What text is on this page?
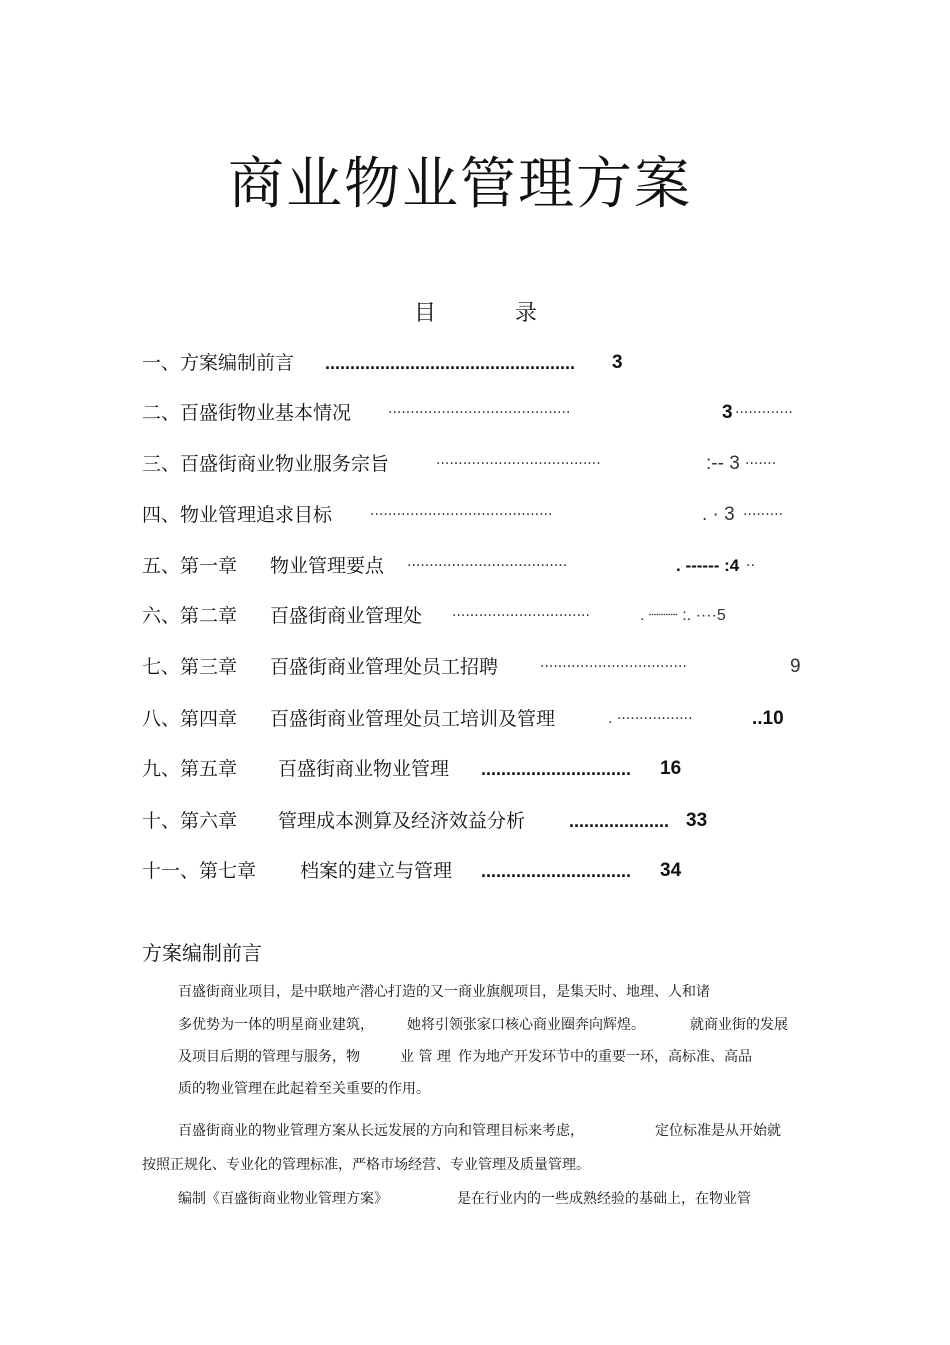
商业物业管理方案
目	录
一、方案编制前言 .................................................. 3
二、百盛街物业基本情况	·········································	3 ·············
三、百盛街商业物业服务宗旨	·····································	:-- 3 ·······
四、物业管理追求目标	·········································	. · 3 ·········
五、第一章 物业管理要点 ····································	. ------ :4 ··
六、第二章 百盛街商业管理处 ·······························	. ┈┈┈ :. ····5
七、第三章 百盛街商业管理处员工招聘	·································	9
八、第四章 百盛街商业管理处员工培训及管理	. ·················	..10
九、第五章 百盛街商业物业管理 .............................. 16
十、第六章 管理成本测算及经济效益分析 .................... 33
十一、第七章 档案的建立与管理 .............................. 34
方案编制前言
百盛街商业项目，是中联地产潜心打造的又一商业旗舰项目，是集天时、地理、人和诸
多优势为一体的明星商业建筑， 她将引领张家口核心商业圈奔向辉煌。	就商业街的发展
及项目后期的管理与服务，物	业 管 理 作为地产开发环节中的重要一环，高标准、高品
质的物业管理在此起着至关重要的作用。
百盛街商业的物业管理方案从长远发展的方向和管理目标来考虑，	定位标准是从开始就
按照正规化、专业化的管理标准，严格市场经营、专业管理及质量管理。
编制《百盛街商业物业管理方案》	是在行业内的一些成熟经验的基础上，在物业管
